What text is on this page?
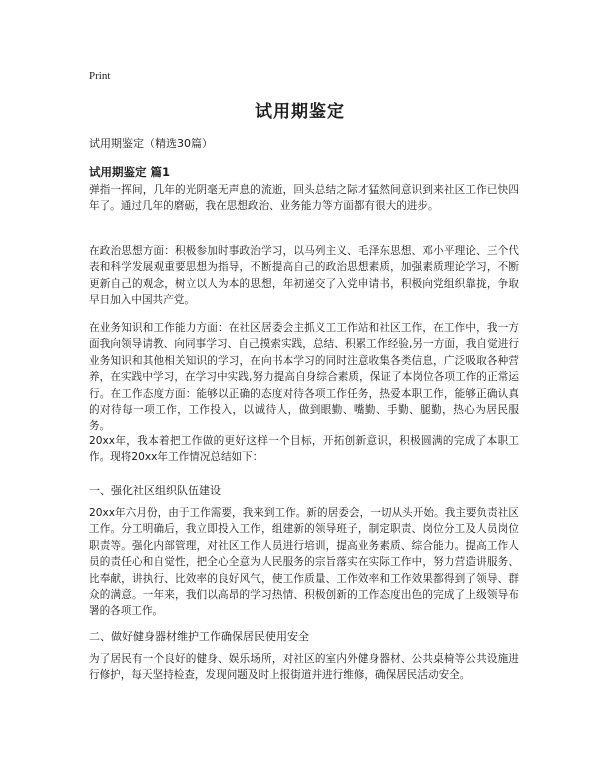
Print
试用期鉴定
试用期鉴定（精选30篇）
试用期鉴定 篇1

弹指一挥间，几年的光阴毫无声息的流逝，回头总结之际才猛然间意识到来社区工作已快四年了。通过几年的磨砺，我在思想政治、业务能力等方面都有很大的进步。

在政治思想方面：积极参加时事政治学习，以马列主义、毛泽东思想、邓小平理论、三个代表和科学发展观重要思想为指导，不断提高自己的政治思想素质，加强素质理论学习，不断更新自己的观念，树立以人为本的思想，年初递交了入党申请书，积极向党组织靠拢，争取早日加入中国共产党。

在业务知识和工作能力方面：在社区居委会主抓义工工作站和社区工作，在工作中，我一方面我向领导请教、向同事学习、自己摸索实践，总结、积累工作经验,另一方面，我自觉进行业务知识和其他相关知识的学习，在向书本学习的同时注意收集各类信息，广泛吸取各种营养，在实践中学习，在学习中实践,努力提高自身综合素质，保证了本岗位各项工作的正常运行。在工作态度方面：能够以正确的态度对待各项工作任务，热爱本职工作，能够正确认真的对待每一项工作，工作投入，以诚待人，做到眼勤、嘴勤、手勤、腿勤，热心为居民服务。

20xx年，我本着把工作做的更好这样一个目标，开拓创新意识，积极圆满的完成了本职工作。现将20xx年工作情况总结如下：

一、强化社区组织队伍建设

20xx年六月份，由于工作需要，我来到工作。新的居委会，一切从头开始。我主要负责社区工作。分工明确后，我立即投入工作，组建新的领导班子，制定职责、岗位分工及人员岗位职责等。强化内部管理，对社区工作人员进行培训，提高业务素质、综合能力。提高工作人员的责任心和自觉性，把全心全意为人民服务的宗旨落实在实际工作中，努力营造讲服务、比奉献，讲执行、比效率的良好风气，使工作质量、工作效率和工作效果都得到了领导、群众的满意。一年来，我们以高昂的学习热情、积极创新的工作态度出色的完成了上级领导布署的各项工作。

二、做好健身器材维护工作确保居民使用安全

为了居民有一个良好的健身、娱乐场所，对社区的室内外健身器材、公共桌椅等公共设施进行修护，每天坚持检查，发现问题及时上报街道并进行维修，确保居民活动安全。
